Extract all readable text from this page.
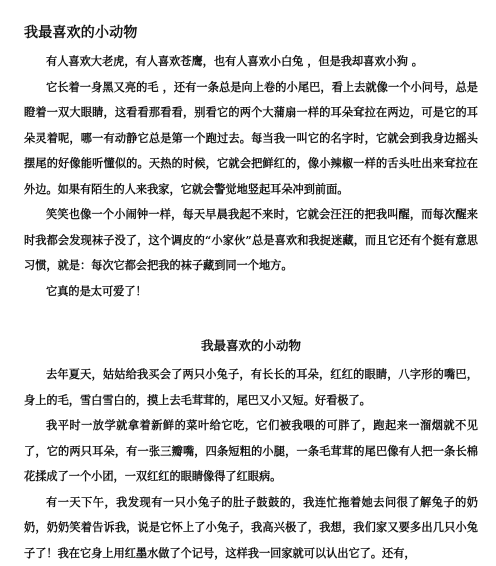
我最喜欢的小动物

有人喜欢大老虎，有人喜欢苍鹰，也有人喜欢小白兔 ，但是我却喜欢小狗 。

它长着一身黑又亮的毛 ，还有一条总是向上卷的小尾巴，看上去就像一个小问号，总是瞪着一双大眼睛，这看看那看看，别看它的两个大蒲扇一样的耳朵耷拉在两边，可是它的耳朵灵着呢，哪一有动静它总是第一个跑过去。每当我一叫它的名字时，它就会到我身边摇头摆尾的好像能听懂似的。天热的时候，它就会把鲜红的，像小辣椒一样的舌头吐出来耷拉在外边。如果有陌生的人来我家，它就会警觉地竖起耳朵冲到前面。

笑笑也像一个小闹钟一样，每天早晨我起不来时，它就会汪汪的把我叫醒，而每次醒来时我都会发现袜子没了，这个调皮的“小家伙”总是喜欢和我捉迷藏，而且它还有个挺有意思习惯，就是：每次它都会把我的袜子藏到同一个地方。

它真的是太可爱了！

我最喜欢的小动物

去年夏天，姑姑给我买会了两只小兔子，有长长的耳朵，红红的眼睛，八字形的嘴巴，身上的毛，雪白雪白的，摸上去毛茸茸的，尾巴又小又短。好看极了。

我平时一放学就拿着新鲜的菜叶给它吃，它们被我喂的可胖了，跑起来一溜烟就不见了，它的两只耳朵，有一张三瓣嘴，四条短粗的小腿，一条毛茸茸的尾巴像有人把一条长棉花揉成了一个小团，一双红红的眼睛像得了红眼病。

有一天下午，我发现有一只小兔子的肚子鼓鼓的，我连忙拖着她去问很了解兔子的奶奶，奶奶笑着告诉我，说是它怀上了小兔子，我高兴极了，我想，我们家又要多出几只小兔子了！我在它身上用红墨水做了个记号，这样我一回家就可以认出它了。还有，
